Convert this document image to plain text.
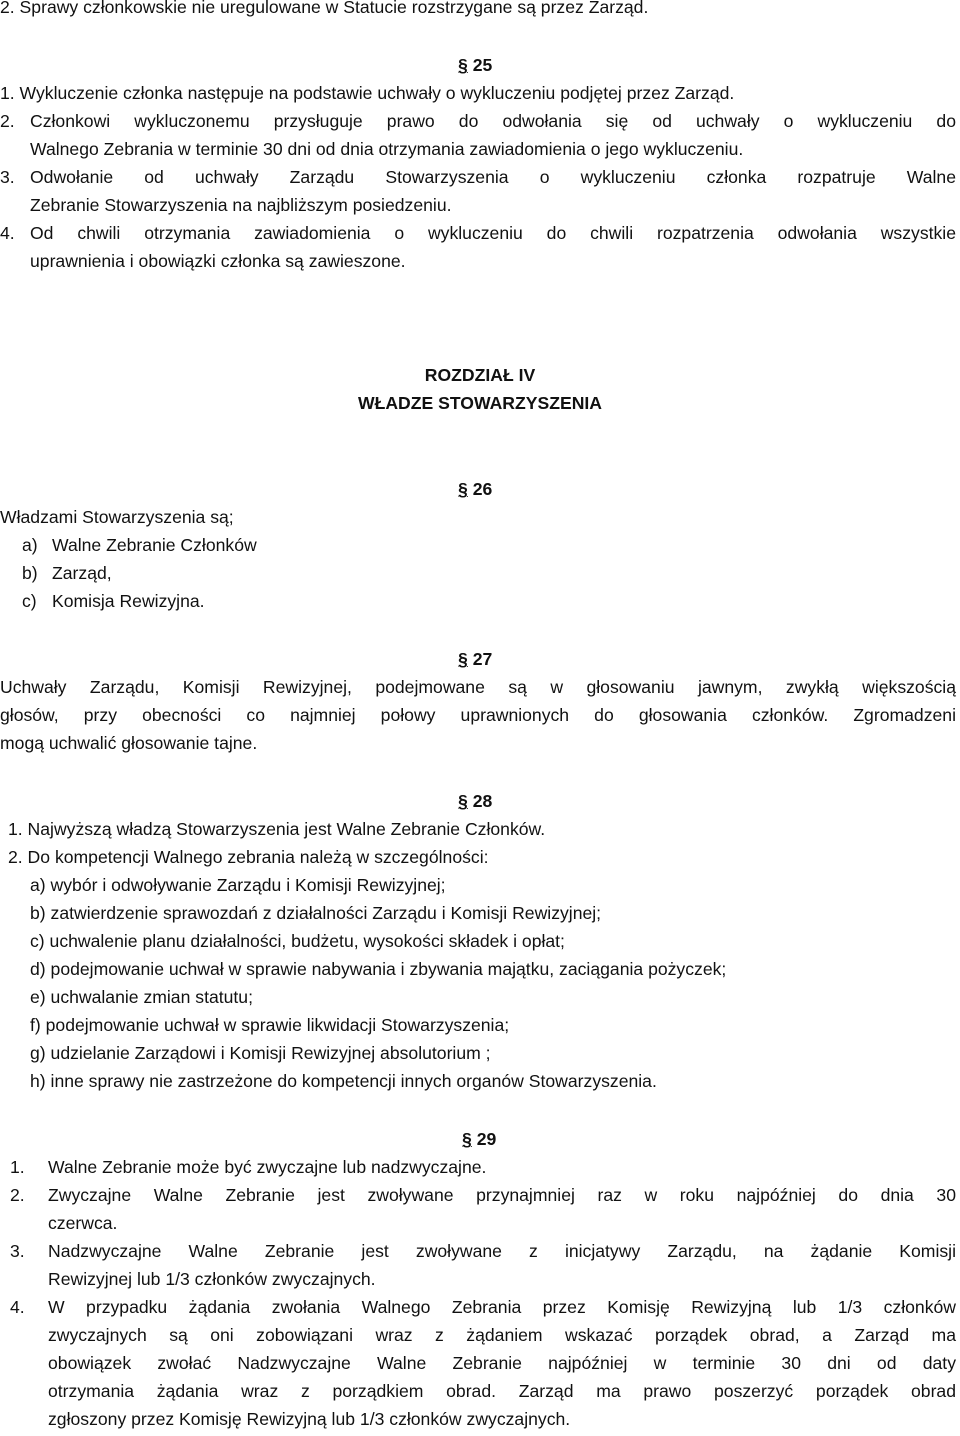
2. Sprawy członkowskie nie uregulowane w Statucie rozstrzygane są przez Zarząd.
§ 25
1. Wykluczenie członka następuje na podstawie uchwały o wykluczeniu podjętej przez Zarząd.
2. Członkowi wykluczonemu przysługuje prawo do odwołania się od uchwały o wykluczeniu do
Walnego Zebrania w terminie 30 dni od dnia otrzymania zawiadomienia o jego wykluczeniu.
3. Odwołanie od uchwały Zarządu Stowarzyszenia o wykluczeniu członka rozpatruje Walne
Zebranie Stowarzyszenia na najbliższym posiedzeniu.
4. Od chwili otrzymania zawiadomienia o wykluczeniu do chwili rozpatrzenia odwołania wszystkie
uprawnienia i obowiązki członka są zawieszone.
ROZDZIAŁ IV
WŁADZE STOWARZYSZENIA
§ 26
Władzami Stowarzyszenia są;
a) Walne Zebranie Członków
b) Zarząd,
c) Komisja Rewizyjna.
§ 27
Uchwały Zarządu, Komisji Rewizyjnej, podejmowane są w głosowaniu jawnym, zwykłą większością
głosów, przy obecności co najmniej połowy uprawnionych do głosowania członków. Zgromadzeni
mogą uchwalić głosowanie tajne.
§ 28
1. Najwyższą władzą Stowarzyszenia jest Walne Zebranie Członków.
2. Do kompetencji Walnego zebrania należą w szczególności:
a) wybór i odwoływanie Zarządu i Komisji Rewizyjnej;
b) zatwierdzenie sprawozdań z działalności Zarządu i Komisji Rewizyjnej;
c) uchwalenie planu działalności, budżetu, wysokości składek i opłat;
d) podejmowanie uchwał w sprawie nabywania i zbywania majątku, zaciągania pożyczek;
e) uchwalanie zmian statutu;
f) podejmowanie uchwał w sprawie likwidacji Stowarzyszenia;
g) udzielanie Zarządowi i Komisji Rewizyjnej absolutorium ;
h) inne sprawy nie zastrzeżone do kompetencji innych organów Stowarzyszenia.
§ 29
1. Walne Zebranie może być zwyczajne lub nadzwyczajne.
2. Zwyczajne Walne Zebranie jest zwoływane przynajmniej raz w roku najpóźniej do dnia 30
czerwca.
3. Nadzwyczajne Walne Zebranie jest zwoływane z inicjatywy Zarządu, na żądanie Komisji
Rewizyjnej lub 1/3 członków zwyczajnych.
4. W przypadku żądania zwołania Walnego Zebrania przez Komisję Rewizyjną lub 1/3 członków
zwyczajnych są oni zobowiązani wraz z żądaniem wskazać porządek obrad, a Zarząd ma
obowiązek zwołać Nadzwyczajne Walne Zebranie najpóźniej w terminie 30 dni od daty
otrzymania żądania wraz z porządkiem obrad. Zarząd ma prawo poszerzyć porządek obrad
zgłoszony przez Komisję Rewizyjną lub 1/3 członków zwyczajnych.
